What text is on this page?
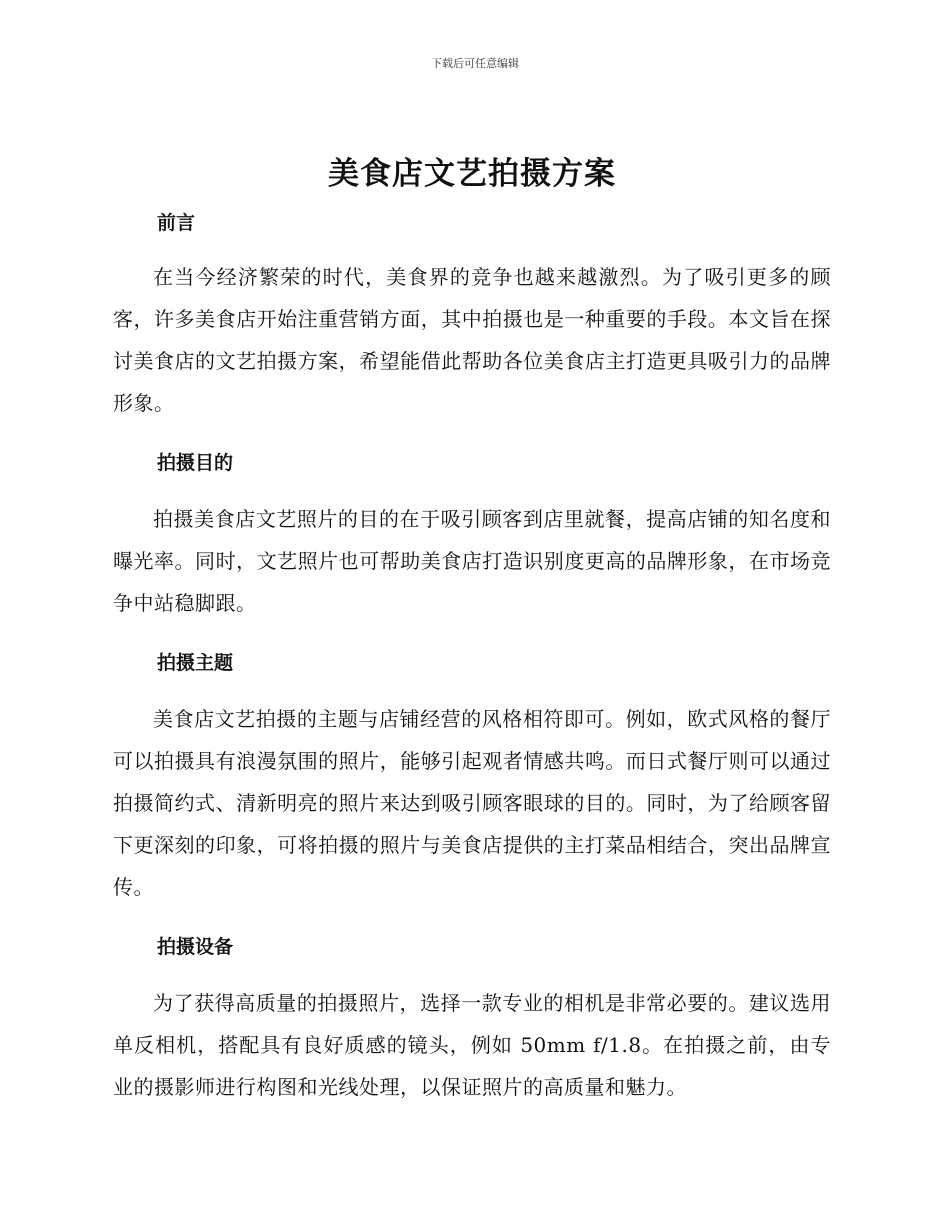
下载后可任意编辑
美食店文艺拍摄方案
前言

在当今经济繁荣的时代，美食界的竞争也越来越激烈。为了吸引更多的顾客，许多美食店开始注重营销方面，其中拍摄也是一种重要的手段。本文旨在探讨美食店的文艺拍摄方案，希望能借此帮助各位美食店主打造更具吸引力的品牌形象。

拍摄目的

拍摄美食店文艺照片的目的在于吸引顾客到店里就餐，提高店铺的知名度和曝光率。同时，文艺照片也可帮助美食店打造识别度更高的品牌形象，在市场竞争中站稳脚跟。

拍摄主题

美食店文艺拍摄的主题与店铺经营的风格相符即可。例如，欧式风格的餐厅可以拍摄具有浪漫氛围的照片，能够引起观者情感共鸣。而日式餐厅则可以通过拍摄简约式、清新明亮的照片来达到吸引顾客眼球的目的。同时，为了给顾客留下更深刻的印象，可将拍摄的照片与美食店提供的主打菜品相结合，突出品牌宣传。

拍摄设备

为了获得高质量的拍摄照片，选择一款专业的相机是非常必要的。建议选用单反相机，搭配具有良好质感的镜头，例如 50mm f/1.8。在拍摄之前，由专业的摄影师进行构图和光线处理，以保证照片的高质量和魅力。
